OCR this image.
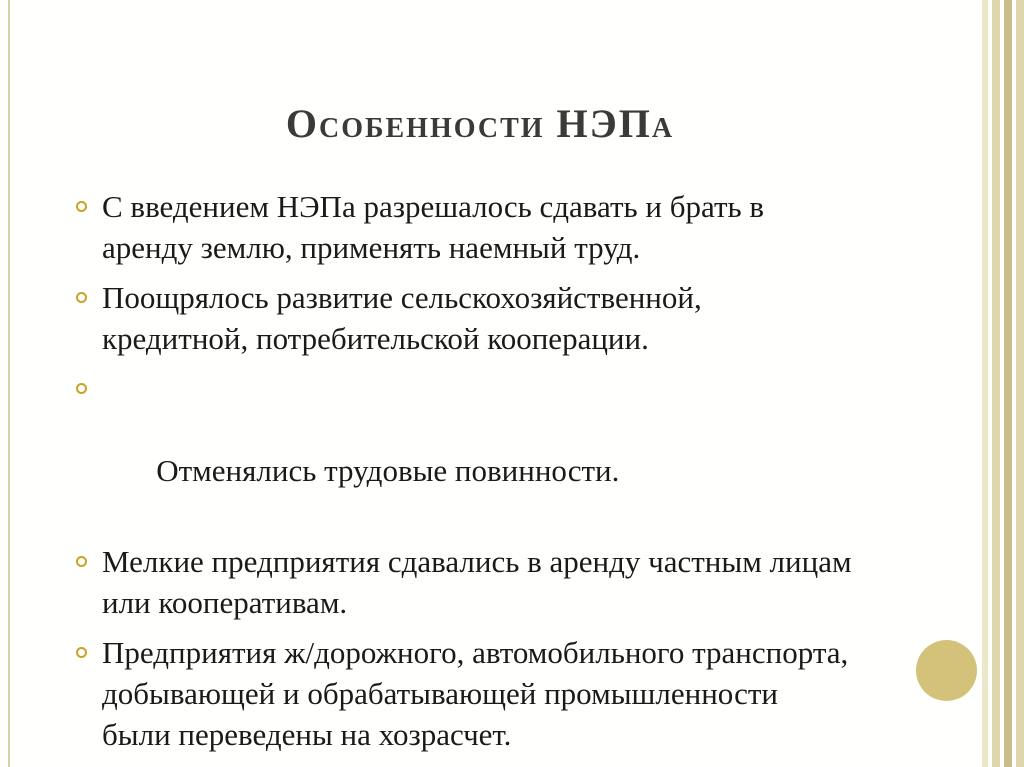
Особенности НЭПа
С введением НЭПа разрешалось сдавать и брать в аренду землю, применять наемный труд.
Поощрялось развитие сельскохозяйственной, кредитной, потребительской кооперации.

Отменялись трудовые повинности.

Мелкие предприятия сдавались в аренду частным лицам или кооперативам.
Предприятия ж/дорожного, автомобильного транспорта, добывающей и обрабатывающей промышленности были переведены на хозрасчет.
